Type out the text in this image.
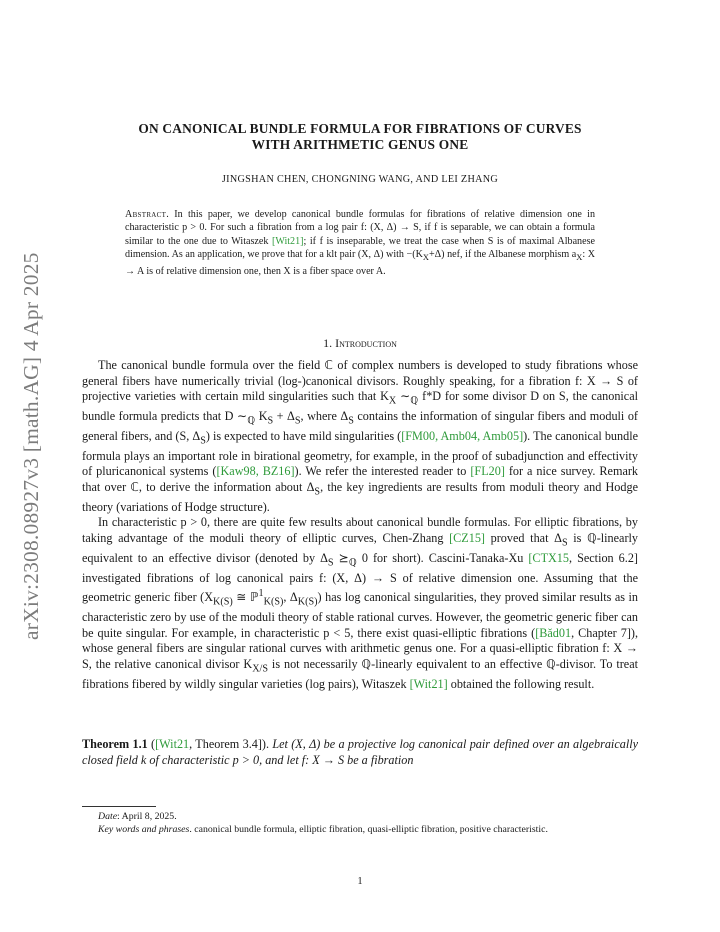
arXiv:2308.08927v3 [math.AG] 4 Apr 2025
ON CANONICAL BUNDLE FORMULA FOR FIBRATIONS OF CURVES
WITH ARITHMETIC GENUS ONE
JINGSHAN CHEN, CHONGNING WANG, AND LEI ZHANG
Abstract. In this paper, we develop canonical bundle formulas for fibrations of relative dimension one in characteristic p > 0. For such a fibration from a log pair f: (X, Δ) → S, if f is separable, we can obtain a formula similar to the one due to Witaszek [Wit21]; if f is inseparable, we treat the case when S is of maximal Albanese dimension. As an application, we prove that for a klt pair (X, Δ) with $-(K_X+\Delta)$ nef, if the Albanese morphism $a_X$: X → A is of relative dimension one, then X is a fiber space over A.
1. Introduction

The canonical bundle formula over the field ℂ of complex numbers is developed to study fibrations whose general fibers have numerically trivial (log-)canonical divisors. Roughly speaking, for a fibration f: X → S of projective varieties with certain mild singularities such that $K_X$ $\sim_ℚ$ f*D for some divisor D on S, the canonical bundle formula predicts that D $\sim_ℚ$ $K_S + \Delta_S$, where $\Delta_S$ contains the information of singular fibers and moduli of general fibers, and (S, $\Delta_S$) is expected to have mild singularities ([FM00, Amb04, Amb05]). The canonical bundle formula plays an important role in birational geometry, for example, in the proof of subadjunction and effectivity of pluricanonical systems ([Kaw98, BZ16]). We refer the interested reader to [FL20] for a nice survey. Remark that over ℂ, to derive the information about $\Delta_S$, the key ingredients are results from moduli theory and Hodge theory (variations of Hodge structure).

In characteristic p > 0, there are quite few results about canonical bundle formulas. For elliptic fibrations, by taking advantage of the moduli theory of elliptic curves, Chen-Zhang [CZ15] proved that $\Delta_S$ is ℚ-linearly equivalent to an effective divisor (denoted by $\Delta_S$ $⪰_ℚ$ 0 for short). Cascini-Tanaka-Xu [CTX15, Section 6.2] investigated fibrations of log canonical pairs f: (X, Δ) → S of relative dimension one. Assuming that the geometric generic fiber ($X_{K(S)}$ ≅ ℙ$^1_{K(S)}$, $\Delta_{K(S)}$) has log canonical singularities, they proved similar results as in characteristic zero by use of the moduli theory of stable rational curves. However, the geometric generic fiber can be quite singular. For example, in characteristic p < 5, there exist quasi-elliptic fibrations ([Bǎd01, Chapter 7]), whose general fibers are singular rational curves with arithmetic genus one. For a quasi-elliptic fibration f: X → S, the relative canonical divisor $K_{X/S}$ is not necessarily ℚ-linearly equivalent to an effective ℚ-divisor. To treat fibrations fibered by wildly singular varieties (log pairs), Witaszek [Wit21] obtained the following result.

Theorem 1.1 ([Wit21, Theorem 3.4]). Let (X, Δ) be a projective log canonical pair defined over an algebraically closed field k of characteristic p > 0, and let f: X → S be a fibration
Date: April 8, 2025.
Key words and phrases. canonical bundle formula, elliptic fibration, quasi-elliptic fibration, positive characteristic.
1
